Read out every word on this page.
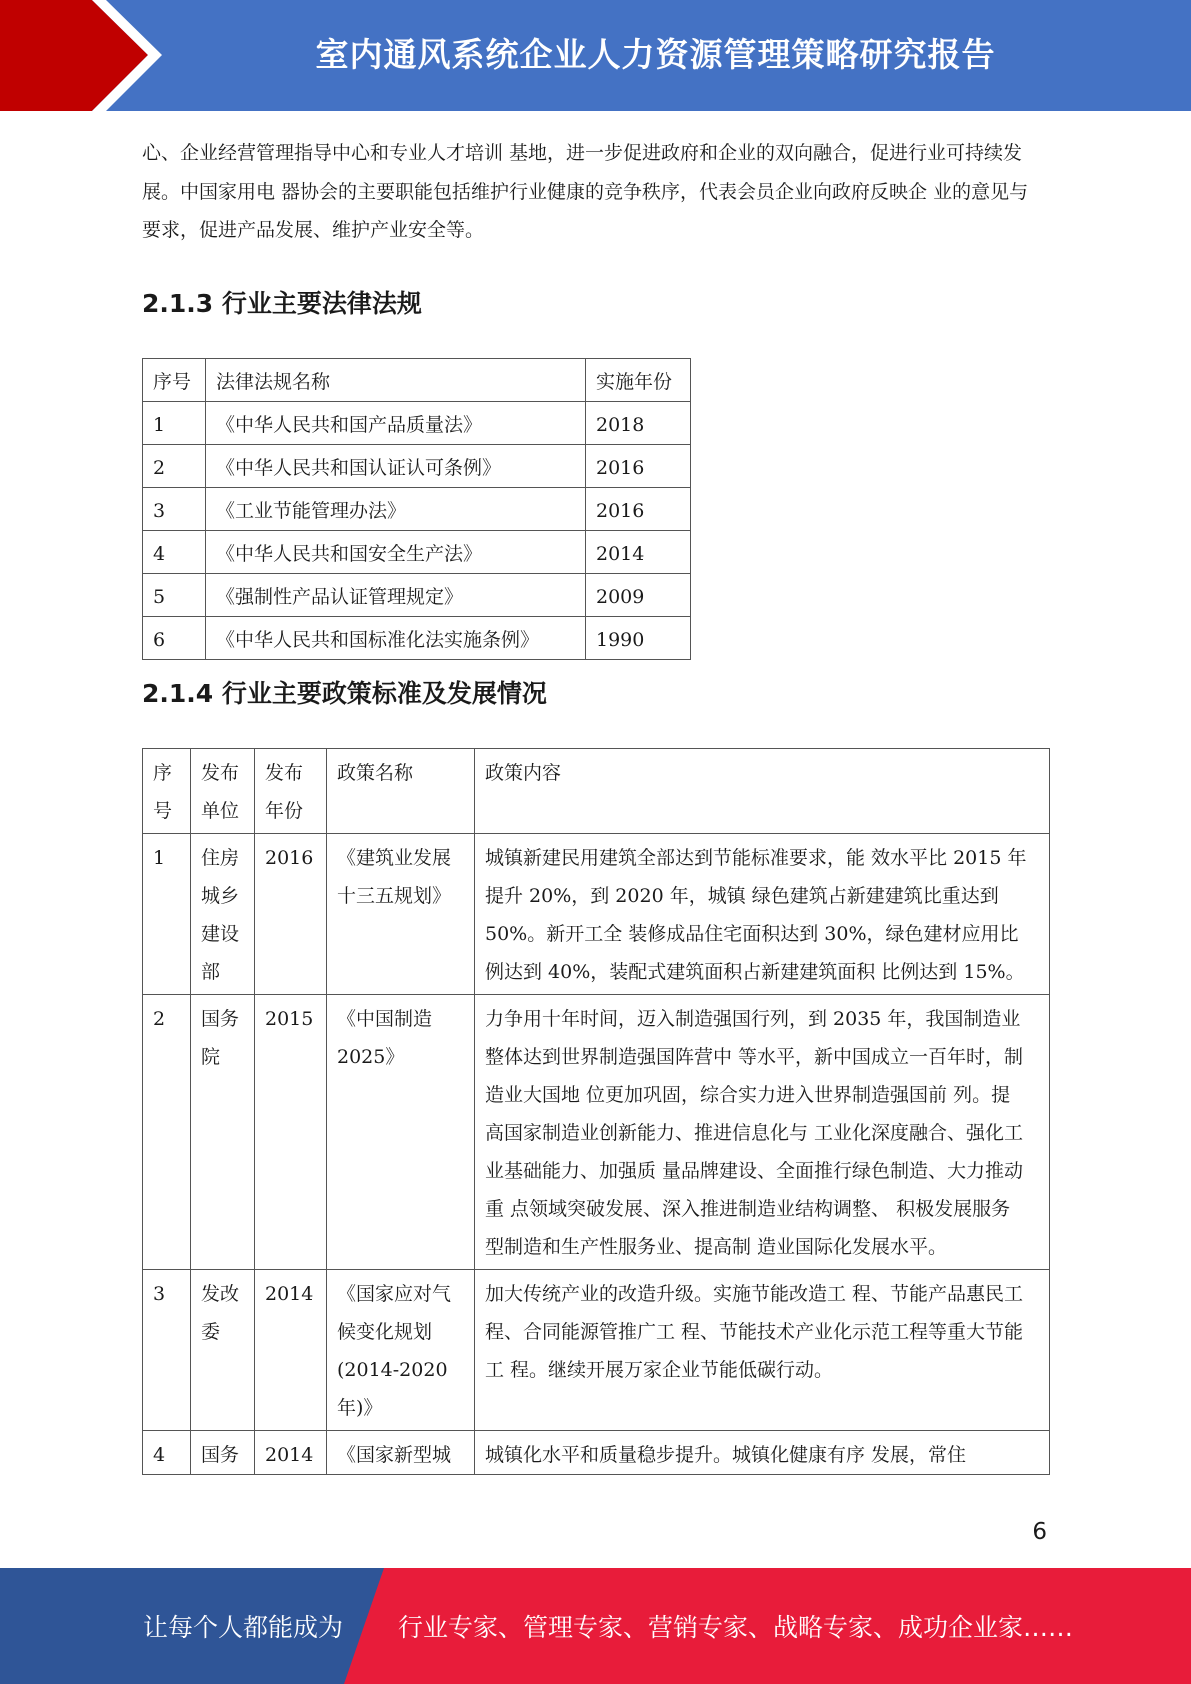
室内通风系统企业人力资源管理策略研究报告

心、企业经营管理指导中心和专业人才培训 基地，进一步促进政府和企业的双向融合，促进行业可持续发展。中国家用电 器协会的主要职能包括维护行业健康的竞争秩序，代表会员企业向政府反映企 业的意见与要求，促进产品发展、维护产业安全等。

2.1.3 行业主要法律法规
序号	法律法规名称	实施年份
1	《中华人民共和国产品质量法》	2018
2	《中华人民共和国认证认可条例》	2016
3	《工业节能管理办法》	2016
4	《中华人民共和国安全生产法》	2014
5	《强制性产品认证管理规定》	2009
6	《中华人民共和国标准化法实施条例》	1990
2.1.4 行业主要政策标准及发展情况
序号	发布单位	发布年份	政策名称	政策内容
1	住房城乡建设部	2016	《建筑业发展十三五规划》	城镇新建民用建筑全部达到节能标准要求，能 效水平比 2015 年提升 20%，到 2020 年，城镇 绿色建筑占新建建筑比重达到 50%。新开工全 装修成品住宅面积达到 30%，绿色建材应用比 例达到 40%，装配式建筑面积占新建建筑面积 比例达到 15%。
2	国务院	2015	《中国制造 2025》	力争用十年时间，迈入制造强国行列，到 2035 年，我国制造业整体达到世界制造强国阵营中 等水平，新中国成立一百年时，制造业大国地 位更加巩固，综合实力进入世界制造强国前 列。提高国家制造业创新能力、推进信息化与 工业化深度融合、强化工业基础能力、加强质 量品牌建设、全面推行绿色制造、大力推动重 点领域突破发展、深入推进制造业结构调整、 积极发展服务型制造和生产性服务业、提高制 造业国际化发展水平。
3	发改委	2014	《国家应对气候变化规划 (2014-2020 年)》	加大传统产业的改造升级。实施节能改造工 程、节能产品惠民工程、合同能源管推广工 程、节能技术产业化示范工程等重大节能工 程。继续开展万家企业节能低碳行动。
4	国务	2014	《国家新型城	城镇化水平和质量稳步提升。城镇化健康有序 发展，常住
6
让每个人都能成为 行业专家、管理专家、营销专家、战略专家、成功企业家……
